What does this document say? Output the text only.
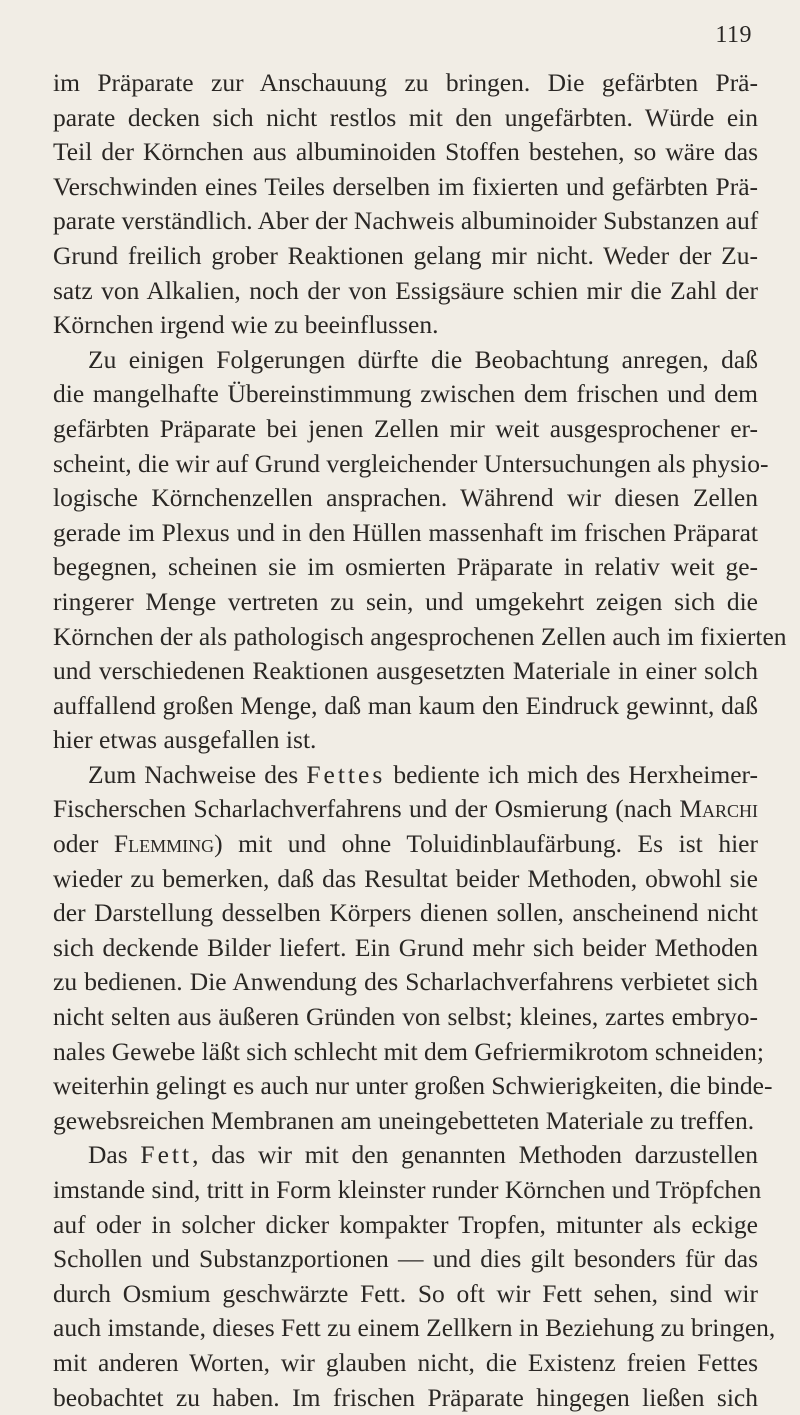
119
im Präparate zur Anschauung zu bringen. Die gefärbten Prä-
parate decken sich nicht restlos mit den ungefärbten. Würde ein
Teil der Körnchen aus albuminoiden Stoffen bestehen, so wäre das
Verschwinden eines Teiles derselben im fixierten und gefärbten Prä-
parate verständlich. Aber der Nachweis albuminoider Substanzen auf
Grund freilich grober Reaktionen gelang mir nicht. Weder der Zu-
satz von Alkalien, noch der von Essigsäure schien mir die Zahl der
Körnchen irgend wie zu beeinflussen.
Zu einigen Folgerungen dürfte die Beobachtung anregen, daß
die mangelhafte Übereinstimmung zwischen dem frischen und dem
gefärbten Präparate bei jenen Zellen mir weit ausgesprochener er-
scheint, die wir auf Grund vergleichender Untersuchungen als physio-
logische Körnchenzellen ansprachen. Während wir diesen Zellen
gerade im Plexus und in den Hüllen massenhaft im frischen Präparat
begegnen, scheinen sie im osmierten Präparate in relativ weit ge-
ringerer Menge vertreten zu sein, und umgekehrt zeigen sich die
Körnchen der als pathologisch angesprochenen Zellen auch im fixierten
und verschiedenen Reaktionen ausgesetzten Materiale in einer solch
auffallend großen Menge, daß man kaum den Eindruck gewinnt, daß
hier etwas ausgefallen ist.
Zum Nachweise des Fettes bediente ich mich des Herxheimer-
Fischerschen Scharlachverfahrens und der Osmierung (nach Marchi
oder Flemming) mit und ohne Toluidinblaufärbung. Es ist hier
wieder zu bemerken, daß das Resultat beider Methoden, obwohl sie
der Darstellung desselben Körpers dienen sollen, anscheinend nicht
sich deckende Bilder liefert. Ein Grund mehr sich beider Methoden
zu bedienen. Die Anwendung des Scharlachverfahrens verbietet sich
nicht selten aus äußeren Gründen von selbst; kleines, zartes embryo-
nales Gewebe läßt sich schlecht mit dem Gefriermikrotom schneiden;
weiterhin gelingt es auch nur unter großen Schwierigkeiten, die binde-
gewebsreichen Membranen am uneingebetteten Materiale zu treffen.
Das Fett, das wir mit den genannten Methoden darzustellen
imstande sind, tritt in Form kleinster runder Körnchen und Tröpfchen
auf oder in solcher dicker kompakter Tropfen, mitunter als eckige
Schollen und Substanzportionen — und dies gilt besonders für das
durch Osmium geschwärzte Fett. So oft wir Fett sehen, sind wir
auch imstande, dieses Fett zu einem Zellkern in Beziehung zu bringen,
mit anderen Worten, wir glauben nicht, die Existenz freien Fettes
beobachtet zu haben. Im frischen Präparate hingegen ließen sich
